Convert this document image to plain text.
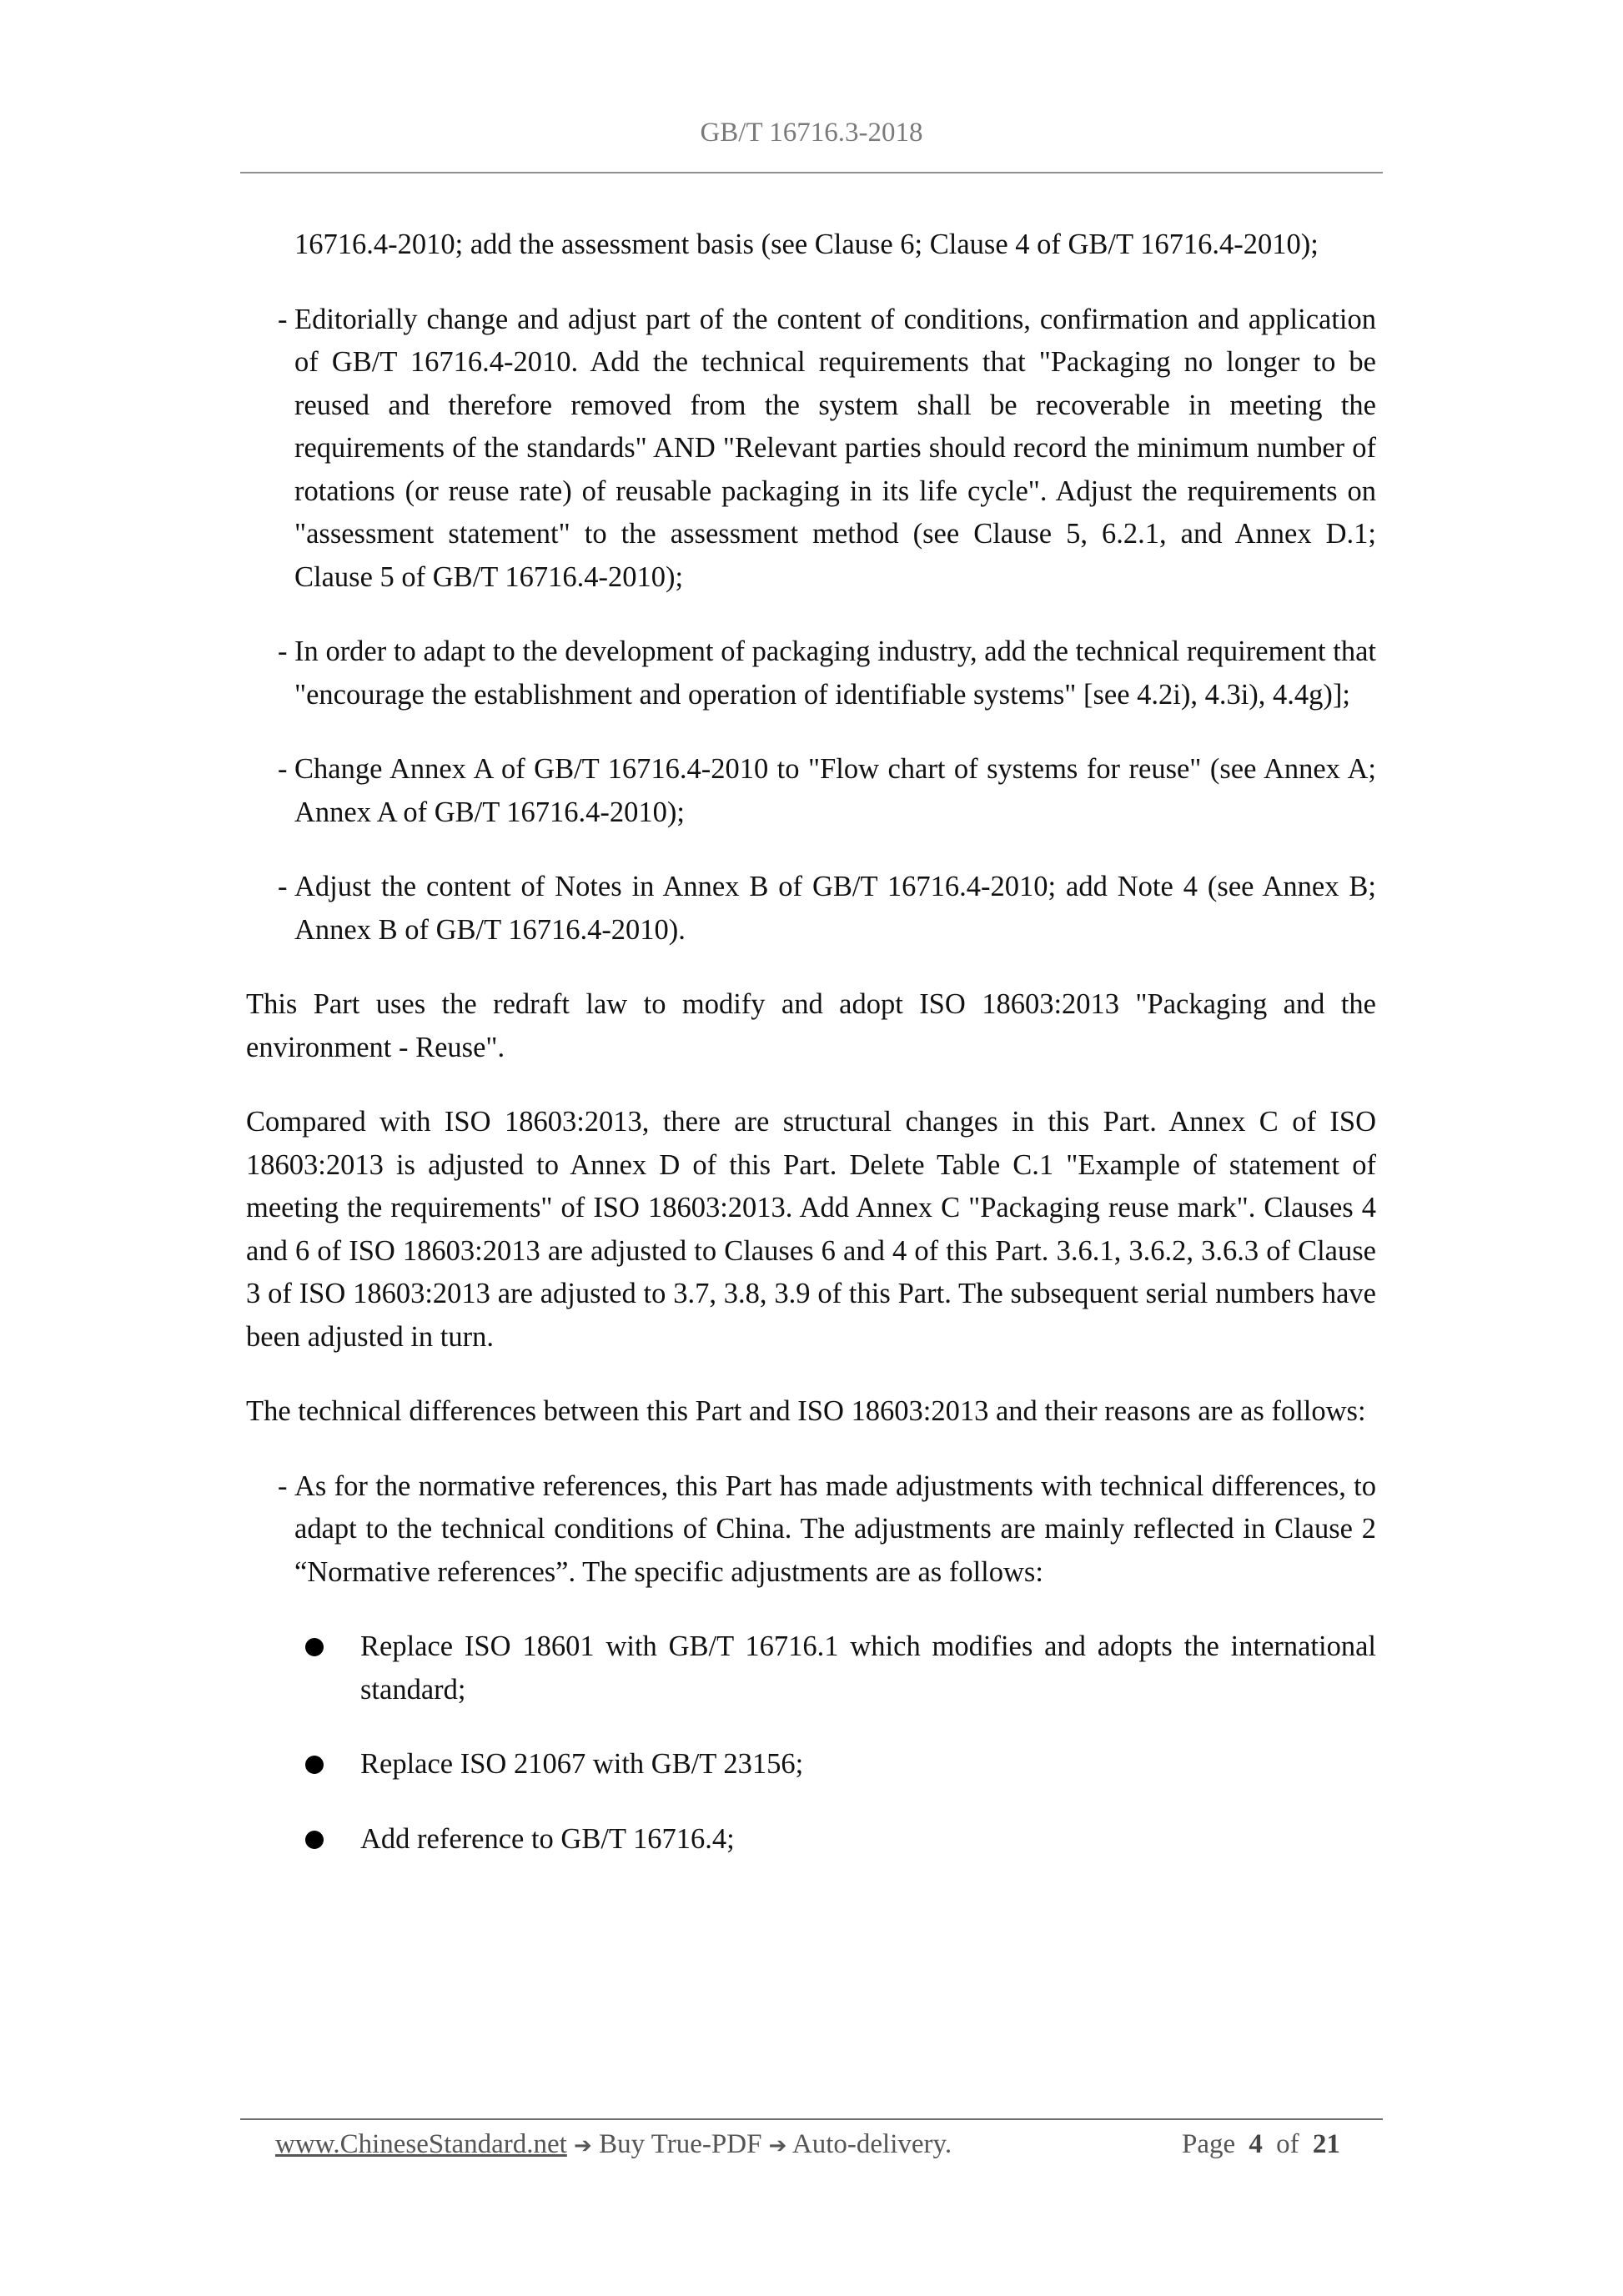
GB/T 16716.3-2018
16716.4-2010; add the assessment basis (see Clause 6; Clause 4 of GB/T 16716.4-2010);
- Editorially change and adjust part of the content of conditions, confirmation and application of GB/T 16716.4-2010. Add the technical requirements that "Packaging no longer to be reused and therefore removed from the system shall be recoverable in meeting the requirements of the standards" AND "Relevant parties should record the minimum number of rotations (or reuse rate) of reusable packaging in its life cycle". Adjust the requirements on "assessment statement" to the assessment method (see Clause 5, 6.2.1, and Annex D.1; Clause 5 of GB/T 16716.4-2010);
- In order to adapt to the development of packaging industry, add the technical requirement that "encourage the establishment and operation of identifiable systems" [see 4.2i), 4.3i), 4.4g)];
- Change Annex A of GB/T 16716.4-2010 to "Flow chart of systems for reuse" (see Annex A; Annex A of GB/T 16716.4-2010);
- Adjust the content of Notes in Annex B of GB/T 16716.4-2010; add Note 4 (see Annex B; Annex B of GB/T 16716.4-2010).

This Part uses the redraft law to modify and adopt ISO 18603:2013 "Packaging and the environment - Reuse".

Compared with ISO 18603:2013, there are structural changes in this Part. Annex C of ISO 18603:2013 is adjusted to Annex D of this Part. Delete Table C.1 "Example of statement of meeting the requirements" of ISO 18603:2013. Add Annex C "Packaging reuse mark". Clauses 4 and 6 of ISO 18603:2013 are adjusted to Clauses 6 and 4 of this Part. 3.6.1, 3.6.2, 3.6.3 of Clause 3 of ISO 18603:2013 are adjusted to 3.7, 3.8, 3.9 of this Part. The subsequent serial numbers have been adjusted in turn.

The technical differences between this Part and ISO 18603:2013 and their reasons are as follows:

- As for the normative references, this Part has made adjustments with technical differences, to adapt to the technical conditions of China. The adjustments are mainly reflected in Clause 2 “Normative references”. The specific adjustments are as follows:
Replace ISO 18601 with GB/T 16716.1 which modifies and adopts the international standard;
Replace ISO 21067 with GB/T 23156;
Add reference to GB/T 16716.4;
www.ChineseStandard.net ➔ Buy True-PDF ➔ Auto-delivery.	Page 4 of 21
